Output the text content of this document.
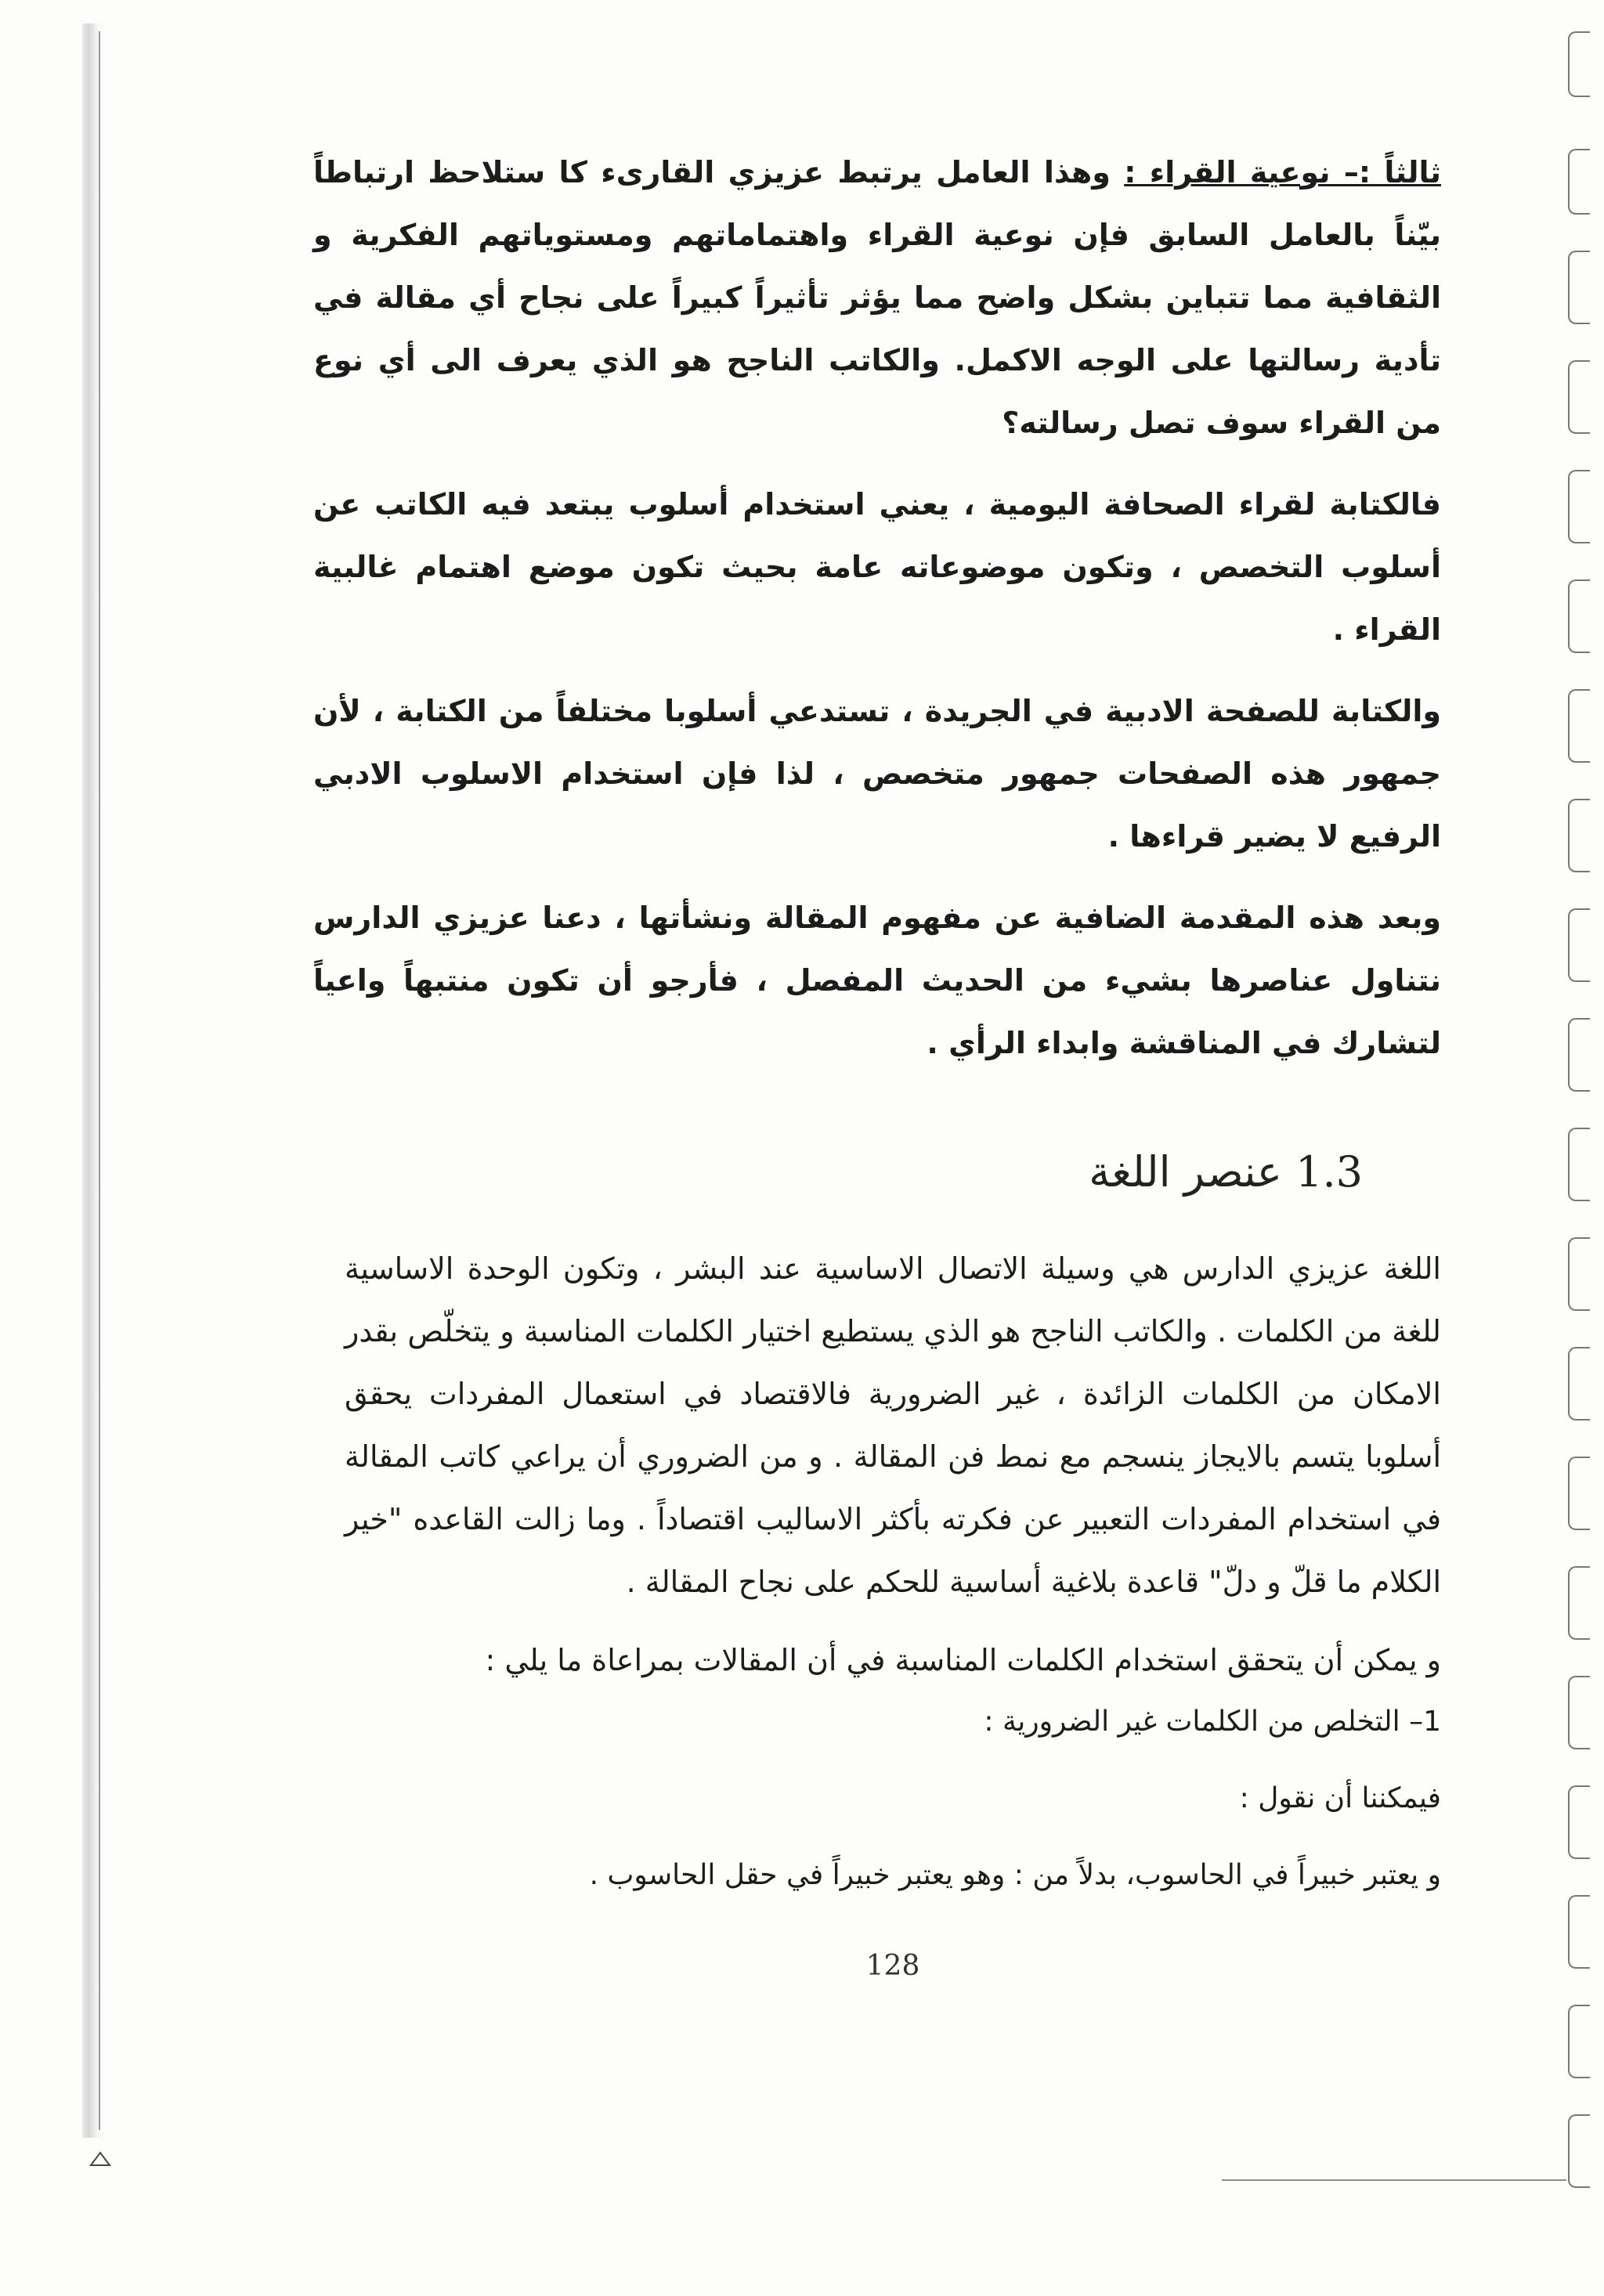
ثالثاً :– نوعية القراء : وهذا العامل يرتبط عزيزي القارىء كا ستلاحظ ارتباطاً بيّناً بالعامل السابق فإن نوعية القراء واهتماماتهم ومستوياتهم الفكرية و الثقافية مما تتباين بشكل واضح مما يؤثر تأثيراً كبيراً على نجاح أي مقالة في تأدية رسالتها على الوجه الاكمل. والكاتب الناجح هو الذي يعرف الى أي نوع من القراء سوف تصل رسالته؟

فالكتابة لقراء الصحافة اليومية ، يعني استخدام أسلوب يبتعد فيه الكاتب عن أسلوب التخصص ، وتكون موضوعاته عامة بحيث تكون موضع اهتمام غالبية القراء .

والكتابة للصفحة الادبية في الجريدة ، تستدعي أسلوبا مختلفاً من الكتابة ، لأن جمهور هذه الصفحات جمهور متخصص ، لذا فإن استخدام الاسلوب الادبي الرفيع لا يضير قراءها .

وبعد هذه المقدمة الضافية عن مفهوم المقالة ونشأتها ، دعنا عزيزي الدارس نتناول عناصرها بشيء من الحديث المفصل ، فأرجو أن تكون منتبهاً واعياً لتشارك في المناقشة وابداء الرأي .

1.3 عنصر اللغة

اللغة عزيزي الدارس هي وسيلة الاتصال الاساسية عند البشر ، وتكون الوحدة الاساسية للغة من الكلمات . والكاتب الناجح هو الذي يستطيع اختيار الكلمات المناسبة و يتخلّص بقدر الامكان من الكلمات الزائدة ، غير الضرورية فالاقتصاد في استعمال المفردات يحقق أسلوبا يتسم بالايجاز ينسجم مع نمط فن المقالة . و من الضروري أن يراعي كاتب المقالة في استخدام المفردات التعبير عن فكرته بأكثر الاساليب اقتصاداً . وما زالت القاعده "خير الكلام ما قلّ و دلّ" قاعدة بلاغية أساسية للحكم على نجاح المقالة .

و يمكن أن يتحقق استخدام الكلمات المناسبة في أن المقالات بمراعاة ما يلي :

1– التخلص من الكلمات غير الضرورية :

فيمكننا أن نقول :

و يعتبر خبيراً في الحاسوب، بدلاً من : وهو يعتبر خبيراً في حقل الحاسوب .

128
